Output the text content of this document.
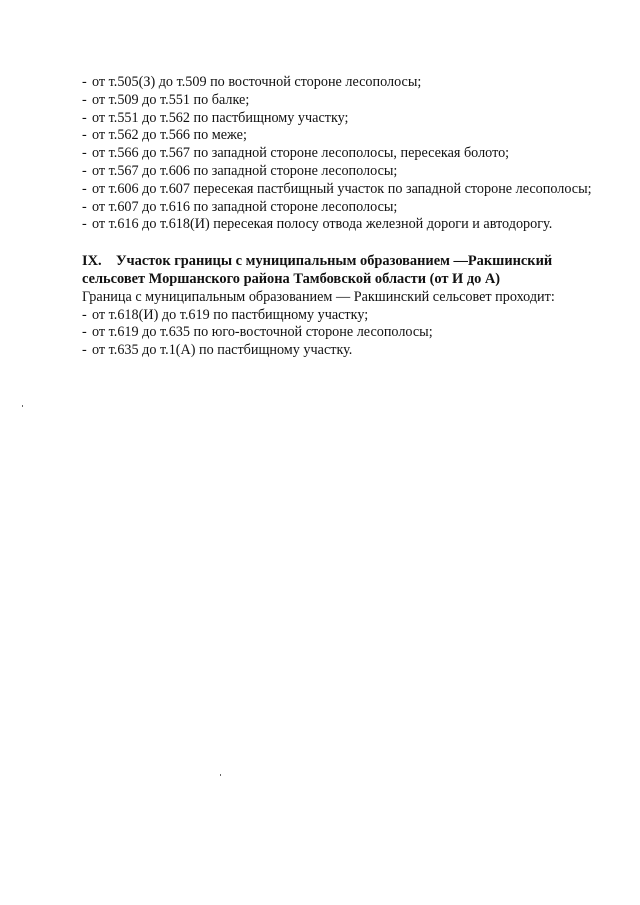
- от т.505(З) до т.509 по восточной стороне лесополосы;
- от т.509 до т.551 по балке;
- от т.551 до т.562 по пастбищному участку;
- от т.562 до т.566 по меже;
- от т.566 до т.567 по западной стороне лесополосы, пересекая болото;
- от т.567 до т.606 по западной стороне лесополосы;
- от т.606 до т.607 пересекая пастбищный участок по западной стороне лесополосы;
- от т.607 до т.616 по западной стороне лесополосы;
- от т.616 до т.618(И) пересекая полосу отвода железной дороги и автодорогу.

IX. Участок границы с муниципальным образованием —Ракшинский сельсовет Моршанского района Тамбовской области (от И до А)

Граница с муниципальным образованием — Ракшинский сельсовет проходит:

- от т.618(И) до т.619 по пастбищному участку;
- от т.619 до т.635 по юго-восточной стороне лесополосы;
- от т.635 до т.1(А) по пастбищному участку.
